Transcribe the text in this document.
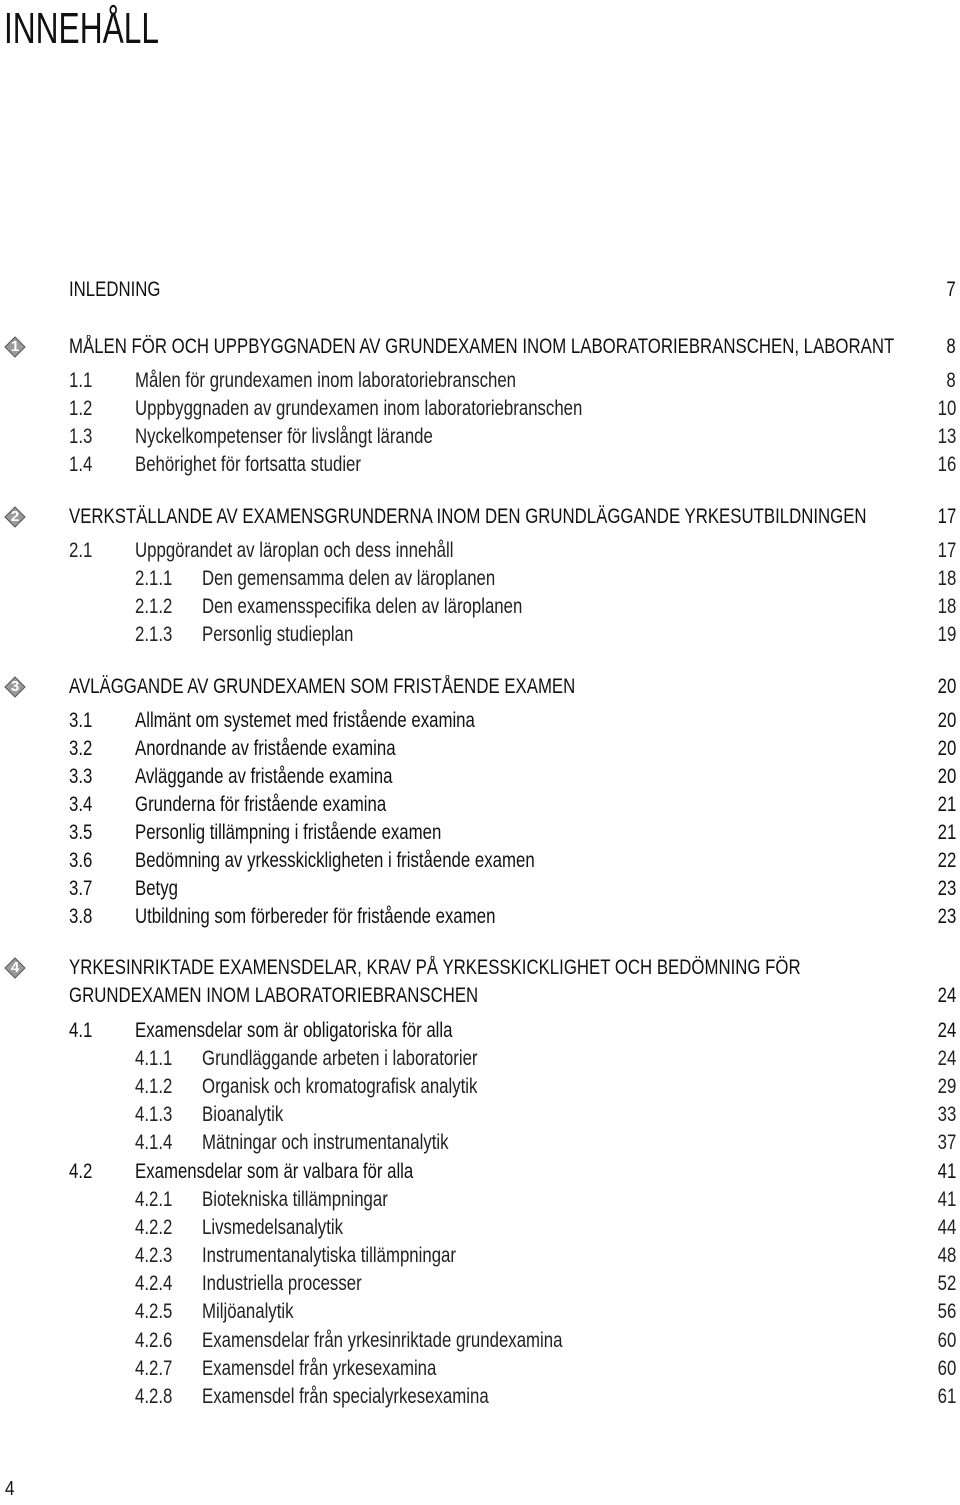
INNEHÅLL
INLEDNING	7
1	MÅLEN FÖR OCH UPPBYGGNADEN AV GRUNDEXAMEN INOM LABORATORIEBRANSCHEN, LABORANT	8
1.1 Målen för grundexamen inom laboratoriebranschen	8
1.2 Uppbyggnaden av grundexamen inom laboratoriebranschen	10
1.3 Nyckelkompetenser för livslångt lärande	13
1.4 Behörighet för fortsatta studier	16
2	VERKSTÄLLANDE AV EXAMENSGRUNDERNA INOM DEN GRUNDLÄGGANDE YRKESUTBILDNINGEN	17
2.1 Uppgörandet av läroplan och dess innehåll	17
2.1.1	Den gemensamma delen av läroplanen	18
2.1.2	Den examensspecifika delen av läroplanen	18
2.1.3	Personlig studieplan	19
3	AVLÄGGANDE AV GRUNDEXAMEN SOM FRISTÅENDE EXAMEN	20
3.1 Allmänt om systemet med fristående examina	20
3.2 Anordnande av fristående examina	20
3.3 Avläggande av fristående examina	20
3.4 Grunderna för fristående examina	21
3.5 Personlig tillämpning i fristående examen	21
3.6 Bedömning av yrkesskickligheten i fristående examen	22
3.7 Betyg	23
3.8 Utbildning som förbereder för fristående examen	23
4	YRKESINRIKTADE EXAMENSDELAR, KRAV PÅ YRKESSKICKLIGHET OCH BEDÖMNING FÖR
GRUNDEXAMEN INOM LABORATORIEBRANSCHEN	24
4.1 Examensdelar som är obligatoriska för alla	24
4.1.1	Grundläggande arbeten i laboratorier	24
4.1.2	Organisk och kromatografisk analytik	29
4.1.3	Bioanalytik	33
4.1.4	Mätningar och instrumentanalytik	37
4.2 Examensdelar som är valbara för alla	41
4.2.1	Biotekniska tillämpningar	41
4.2.2	Livsmedelsanalytik	44
4.2.3	Instrumentanalytiska tillämpningar	48
4.2.4	Industriella processer	52
4.2.5	Miljöanalytik	56
4.2.6	Examensdelar från yrkesinriktade grundexamina	60
4.2.7	Examensdel från yrkesexamina	60
4.2.8	Examensdel från specialyrkesexamina	61
4
